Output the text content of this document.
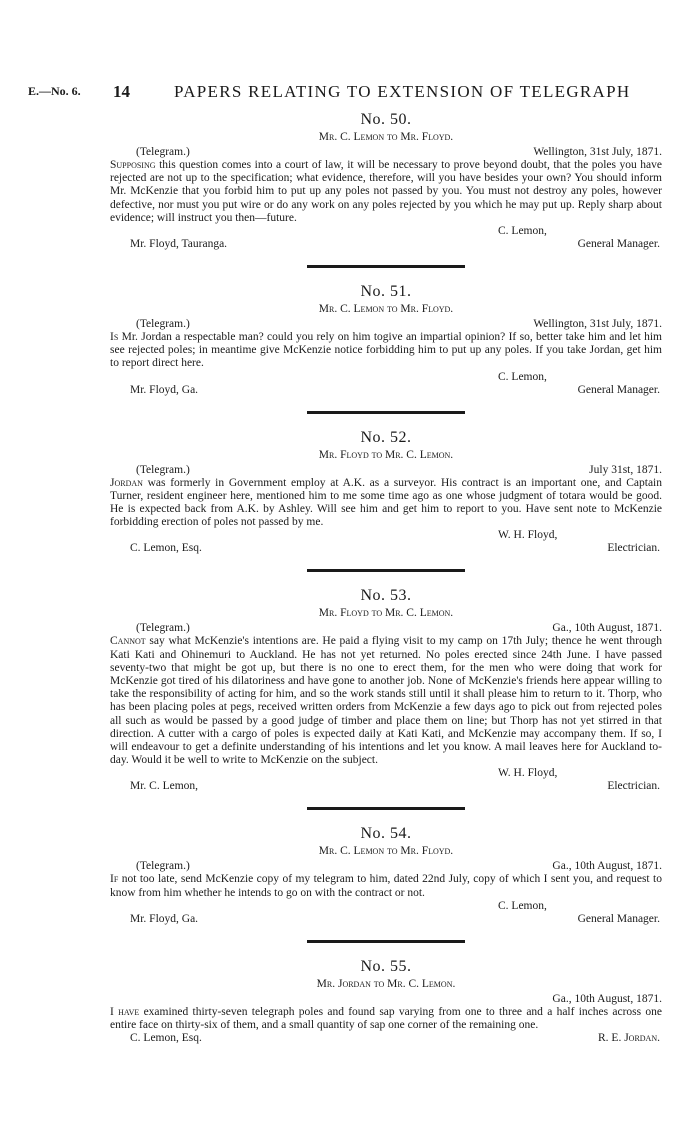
E.—No. 6. 14	PAPERS RELATING TO EXTENSION OF TELEGRAPH
No. 50.
Mr. C. Lemon to Mr. Floyd.
(Telegram.)	Wellington, 31st July, 1871.
Supposing this question comes into a court of law, it will be necessary to prove beyond doubt, that the poles you have rejected are not up to the specification; what evidence, therefore, will you have besides your own? You should inform Mr. McKenzie that you forbid him to put up any poles not passed by you. You must not destroy any poles, however defective, nor must you put wire or do any work on any poles rejected by you which he may put up. Reply sharp about evidence; will instruct you then—future.
C. Lemon,
Mr. Floyd, Tauranga.	General Manager.
No. 51.
Mr. C. Lemon to Mr. Floyd.
(Telegram.)	Wellington, 31st July, 1871.
Is Mr. Jordan a respectable man? could you rely on him togive an impartial opinion? If so, better take him and let him see rejected poles; in meantime give McKenzie notice forbidding him to put up any poles. If you take Jordan, get him to report direct here.
C. Lemon,
Mr. Floyd, Ga.	General Manager.
No. 52.
Mr. Floyd to Mr. C. Lemon.
(Telegram.)	July 31st, 1871.
Jordan was formerly in Government employ at A.K. as a surveyor. His contract is an important one, and Captain Turner, resident engineer here, mentioned him to me some time ago as one whose judgment of totara would be good. He is expected back from A.K. by Ashley. Will see him and get him to report to you. Have sent note to McKenzie forbidding erection of poles not passed by me.
W. H. Floyd,
C. Lemon, Esq.	Electrician.
No. 53.
Mr. Floyd to Mr. C. Lemon.
(Telegram.)	Ga., 10th August, 1871.
Cannot say what McKenzie's intentions are. He paid a flying visit to my camp on 17th July; thence he went through Kati Kati and Ohinemuri to Auckland. He has not yet returned. No poles erected since 24th June. I have passed seventy-two that might be got up, but there is no one to erect them, for the men who were doing that work for McKenzie got tired of his dilatoriness and have gone to another job. None of McKenzie's friends here appear willing to take the responsibility of acting for him, and so the work stands still until it shall please him to return to it. Thorp, who has been placing poles at pegs, received written orders from McKenzie a few days ago to pick out from rejected poles all such as would be passed by a good judge of timber and place them on line; but Thorp has not yet stirred in that direction. A cutter with a cargo of poles is expected daily at Kati Kati, and McKenzie may accompany them. If so, I will endeavour to get a definite understanding of his intentions and let you know. A mail leaves here for Auckland to-day. Would it be well to write to McKenzie on the subject.
W. H. Floyd,
Mr. C. Lemon,	Electrician.
No. 54.
Mr. C. Lemon to Mr. Floyd.
(Telegram.)	Ga., 10th August, 1871.
If not too late, send McKenzie copy of my telegram to him, dated 22nd July, copy of which I sent you, and request to know from him whether he intends to go on with the contract or not.
C. Lemon,
Mr. Floyd, Ga.	General Manager.
No. 55.
Mr. Jordan to Mr. C. Lemon.
Ga., 10th August, 1871.
I have examined thirty-seven telegraph poles and found sap varying from one to three and a half inches across one entire face on thirty-six of them, and a small quantity of sap one corner of the remaining one.
C. Lemon, Esq.	R. E. Jordan.
